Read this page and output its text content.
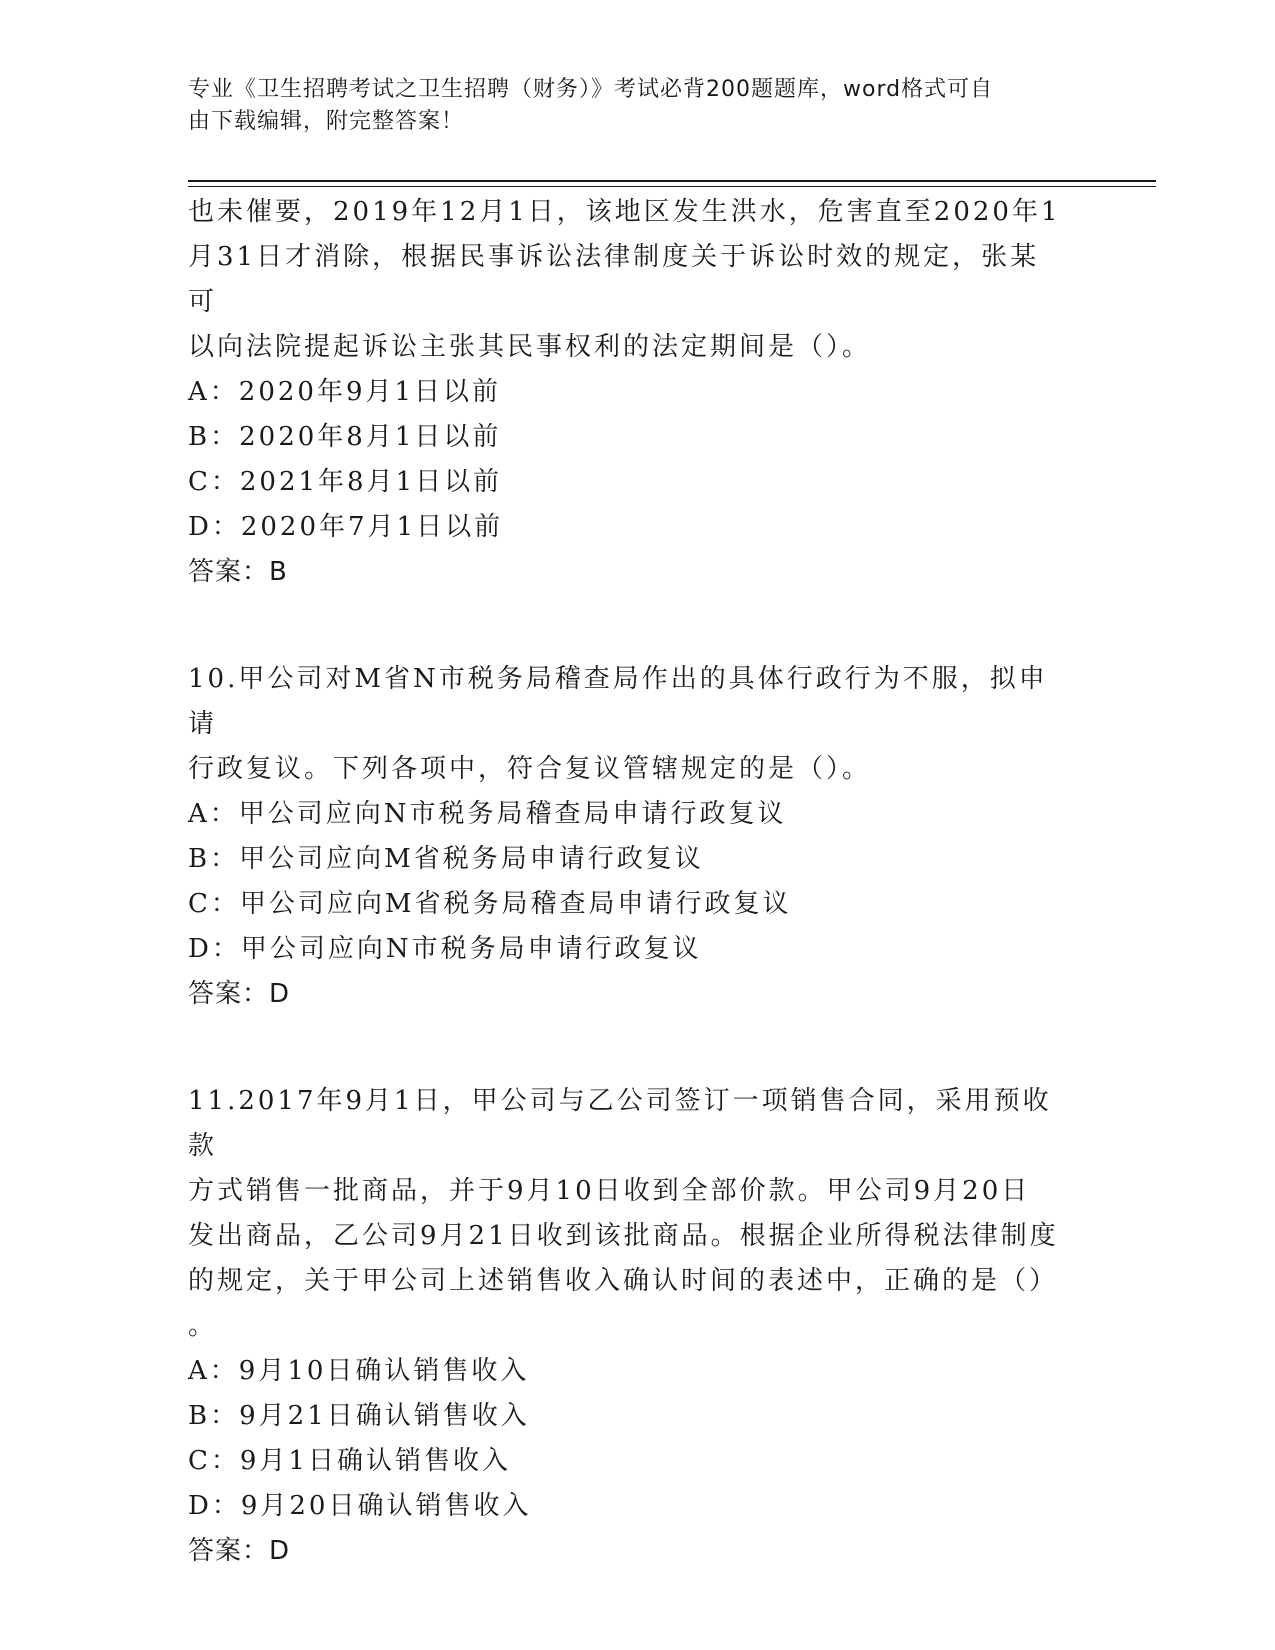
专业《卫生招聘考试之卫生招聘（财务）》考试必背200题题库，word格式可自
由下载编辑，附完整答案！

也未催要，2019年12月1日，该地区发生洪水，危害直至2020年1

月31日才消除，根据民事诉讼法律制度关于诉讼时效的规定，张某可

以向法院提起诉讼主张其民事权利的法定期间是（）。

A：2020年9月1日以前

B：2020年8月1日以前

C：2021年8月1日以前

D：2020年7月1日以前

答案：B

10.甲公司对M省N市税务局稽查局作出的具体行政行为不服，拟申请

行政复议。下列各项中，符合复议管辖规定的是（）。

A：甲公司应向N市税务局稽查局申请行政复议

B：甲公司应向M省税务局申请行政复议

C：甲公司应向M省税务局稽查局申请行政复议

D：甲公司应向N市税务局申请行政复议

答案：D

11.2017年9月1日，甲公司与乙公司签订一项销售合同，采用预收款

方式销售一批商品，并于9月10日收到全部价款。甲公司9月20日

发出商品，乙公司9月21日收到该批商品。根据企业所得税法律制度

的规定，关于甲公司上述销售收入确认时间的表述中，正确的是（）

。

A：9月10日确认销售收入

B：9月21日确认销售收入

C：9月1日确认销售收入

D：9月20日确认销售收入

答案：D
